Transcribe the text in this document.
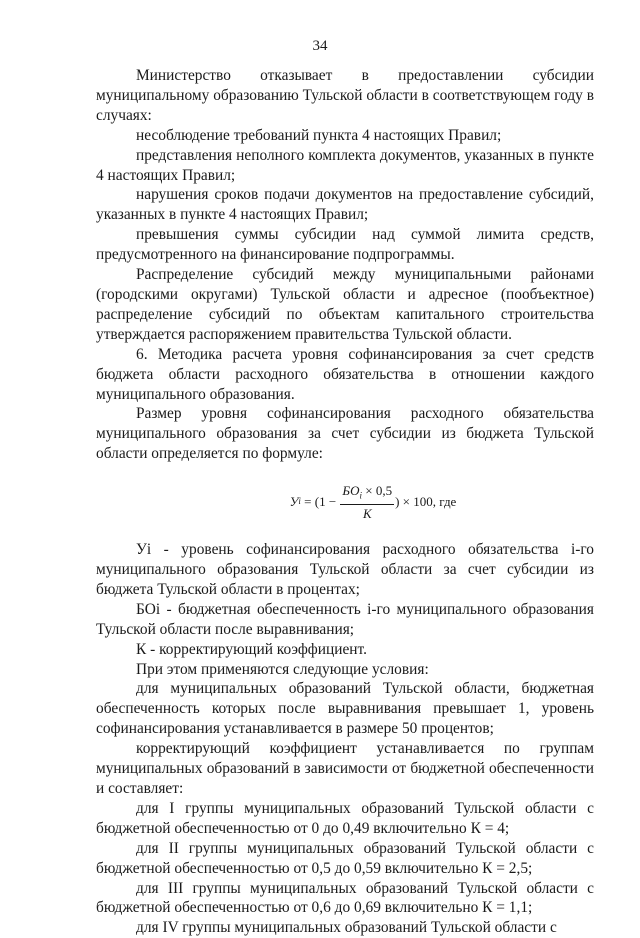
34

Министерство отказывает в предоставлении субсидии муниципальному образованию Тульской области в соответствующем году в случаях:

несоблюдение требований пункта 4 настоящих Правил;

представления неполного комплекта документов, указанных в пункте 4 настоящих Правил;

нарушения сроков подачи документов на предоставление субсидий, указанных в пункте 4 настоящих Правил;

превышения суммы субсидии над суммой лимита средств, предусмотренного на финансирование подпрограммы.

Распределение субсидий между муниципальными районами (городскими округами) Тульской области и адресное (пообъектное) распределение субсидий по объектам капитального строительства утверждается распоряжением правительства Тульской области.

6. Методика расчета уровня софинансирования за счет средств бюджета области расходного обязательства в отношении каждого муниципального образования.

Размер уровня софинансирования расходного обязательства муниципального образования за счет субсидии из бюджета Тульской области определяется по формуле:

У $i = (1 - \frac{БО_i \times 0,5}{К}$ ) × 100, где

Уi - уровень софинансирования расходного обязательства i-го муниципального образования Тульской области за счет субсидии из бюджета Тульской области в процентах;

БОi - бюджетная обеспеченность i-го муниципального образования Тульской области после выравнивания;

К - корректирующий коэффициент.

При этом применяются следующие условия:

для муниципальных образований Тульской области, бюджетная обеспеченность которых после выравнивания превышает 1, уровень софинансирования устанавливается в размере 50 процентов;

корректирующий коэффициент устанавливается по группам муниципальных образований в зависимости от бюджетной обеспеченности и составляет:

для I группы муниципальных образований Тульской области с бюджетной обеспеченностью от 0 до 0,49 включительно К = 4;

для II группы муниципальных образований Тульской области с бюджетной обеспеченностью от 0,5 до 0,59 включительно К = 2,5;

для III группы муниципальных образований Тульской области с бюджетной обеспеченностью от 0,6 до 0,69 включительно К = 1,1;

для IV группы муниципальных образований Тульской области с
